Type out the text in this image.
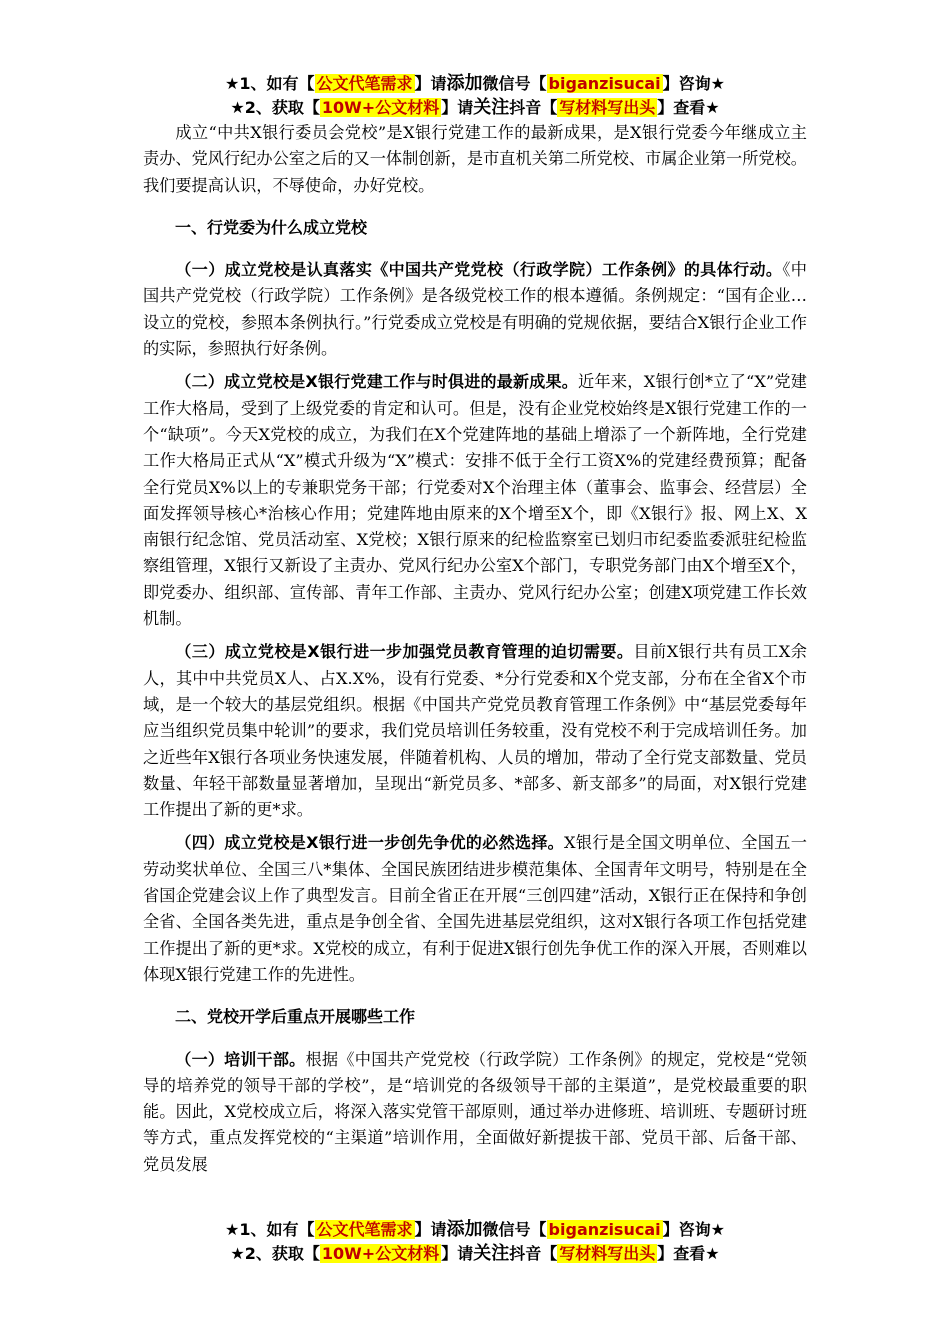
★1、如有【 公文代笔需求 】请添加微信号【 biganzisucai 】咨询★
★2、获取【 10W+公文材料 】请关注抖音【 写材料写出头 】查看★

成立“中共X银行委员会党校”是X银行党建工作的最新成果，是X银行党委今年继成立主责办、党风行纪办公室之后的又一体制创新，是市直机关第二所党校、市属企业第一所党校。我们要提高认识，不辱使命，办好党校。

一、行党委为什么成立党校

（一）成立党校是认真落实《中国共产党党校（行政学院）工作条例》的具体行动。《中国共产党党校（行政学院）工作条例》是各级党校工作的根本遵循。条例规定：“国有企业…设立的党校，参照本条例执行。”行党委成立党校是有明确的党规依据，要结合X银行企业工作的实际，参照执行好条例。

（二）成立党校是X银行党建工作与时俱进的最新成果。近年来，X银行创*立了“X”党建工作大格局，受到了上级党委的肯定和认可。但是，没有企业党校始终是X银行党建工作的一个“缺项”。今天X党校的成立，为我们在X个党建阵地的基础上增添了一个新阵地，全行党建工作大格局正式从“X”模式升级为“X”模式：安排不低于全行工资X%的党建经费预算；配备全行党员X%以上的专兼职党务干部；行党委对X个治理主体（董事会、监事会、经营层）全面发挥领导核心*治核心作用；党建阵地由原来的X个增至X个，即《X银行》报、网上X、X南银行纪念馆、党员活动室、X党校；X银行原来的纪检监察室已划归市纪委监委派驻纪检监察组管理，X银行又新设了主责办、党风行纪办公室X个部门，专职党务部门由X个增至X个，即党委办、组织部、宣传部、青年工作部、主责办、党风行纪办公室；创建X项党建工作长效机制。

（三）成立党校是X银行进一步加强党员教育管理的迫切需要。目前X银行共有员工X余人，其中中共党员X人、占X.X%，设有行党委、*分行党委和X个党支部，分布在全省X个市域，是一个较大的基层党组织。根据《中国共产党党员教育管理工作条例》中“基层党委每年应当组织党员集中轮训”的要求，我们党员培训任务较重，没有党校不利于完成培训任务。加之近些年X银行各项业务快速发展，伴随着机构、人员的增加，带动了全行党支部数量、党员数量、年轻干部数量显著增加，呈现出“新党员多、*部多、新支部多”的局面，对X银行党建工作提出了新的更*求。

（四）成立党校是X银行进一步创先争优的必然选择。X银行是全国文明单位、全国五一劳动奖状单位、全国三八*集体、全国民族团结进步模范集体、全国青年文明号，特别是在全省国企党建会议上作了典型发言。目前全省正在开展“三创四建”活动，X银行正在保持和争创全省、全国各类先进，重点是争创全省、全国先进基层党组织，这对X银行各项工作包括党建工作提出了新的更*求。X党校的成立，有利于促进X银行创先争优工作的深入开展，否则难以体现X银行党建工作的先进性。

二、党校开学后重点开展哪些工作

（一）培训干部。根据《中国共产党党校（行政学院）工作条例》的规定，党校是“党领导的培养党的领导干部的学校”，是“培训党的各级领导干部的主渠道”，是党校最重要的职能。因此，X党校成立后，将深入落实党管干部原则，通过举办进修班、培训班、专题研讨班等方式，重点发挥党校的“主渠道”培训作用，全面做好新提拔干部、党员干部、后备干部、党员发展

★1、如有【 公文代笔需求 】请添加微信号【 biganzisucai 】咨询★
★2、获取【 10W+公文材料 】请关注抖音【 写材料写出头 】查看★
